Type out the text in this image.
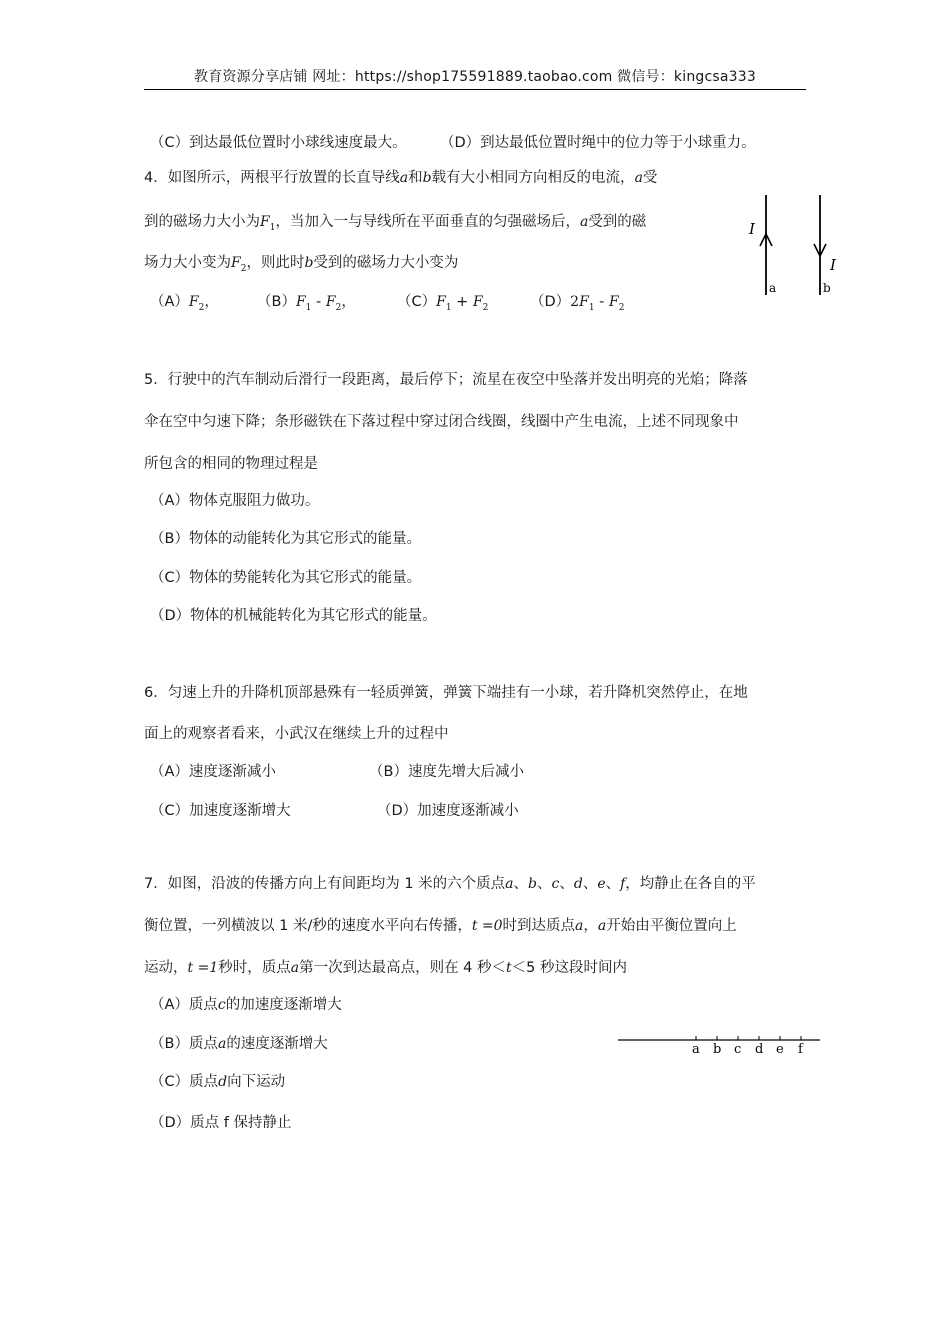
教育资源分享店铺 网址：https://shop175591889.taobao.com 微信号：kingcsa333
（C）到达最低位置时小球线速度最大。 （D）到达最低位置时绳中的位力等于小球重力。
4．如图所示，两根平行放置的长直导线a和b载有大小相同方向相反的电流，a受
到的磁场力大小为$F_1$，当加入一与导线所在平面垂直的匀强磁场后，a受到的磁
场力大小变为$F_2$，则此时b受到的磁场力大小变为
$(A)F_2$，	$(B)F_1 - F_2$，	$(C)F_1 + F_2$	$(D)2F_1 - F_2$
I
I
a	b
5．行驶中的汽车制动后滑行一段距离，最后停下；流星在夜空中坠落并发出明亮的光焰；降落
伞在空中匀速下降；条形磁铁在下落过程中穿过闭合线圈，线圈中产生电流，上述不同现象中
所包含的相同的物理过程是
（A）物体克服阻力做功。
（B）物体的动能转化为其它形式的能量。
（C）物体的势能转化为其它形式的能量。
（D）物体的机械能转化为其它形式的能量。
6．匀速上升的升降机顶部悬殊有一轻质弹簧，弹簧下端挂有一小球，若升降机突然停止，在地
面上的观察者看来，小武汉在继续上升的过程中
（A）速度逐渐减小	（B）速度先增大后减小
（C）加速度逐渐增大	（D）加速度逐渐减小
7．如图，沿波的传播方向上有间距均为 1 米的六个质点a、b、c、d、e、f，均静止在各自的平
衡位置，一列横波以 1 米/秒的速度水平向右传播，t =0时到达质点a，a开始由平衡位置向上
运动，t =1秒时，质点a第一次到达最高点，则在 4 秒＜t＜5 秒这段时间内
（A）质点c的加速度逐渐增大
（B）质点a的速度逐渐增大
（C）质点d向下运动
（D）质点 f 保持静止
a b c d e f
